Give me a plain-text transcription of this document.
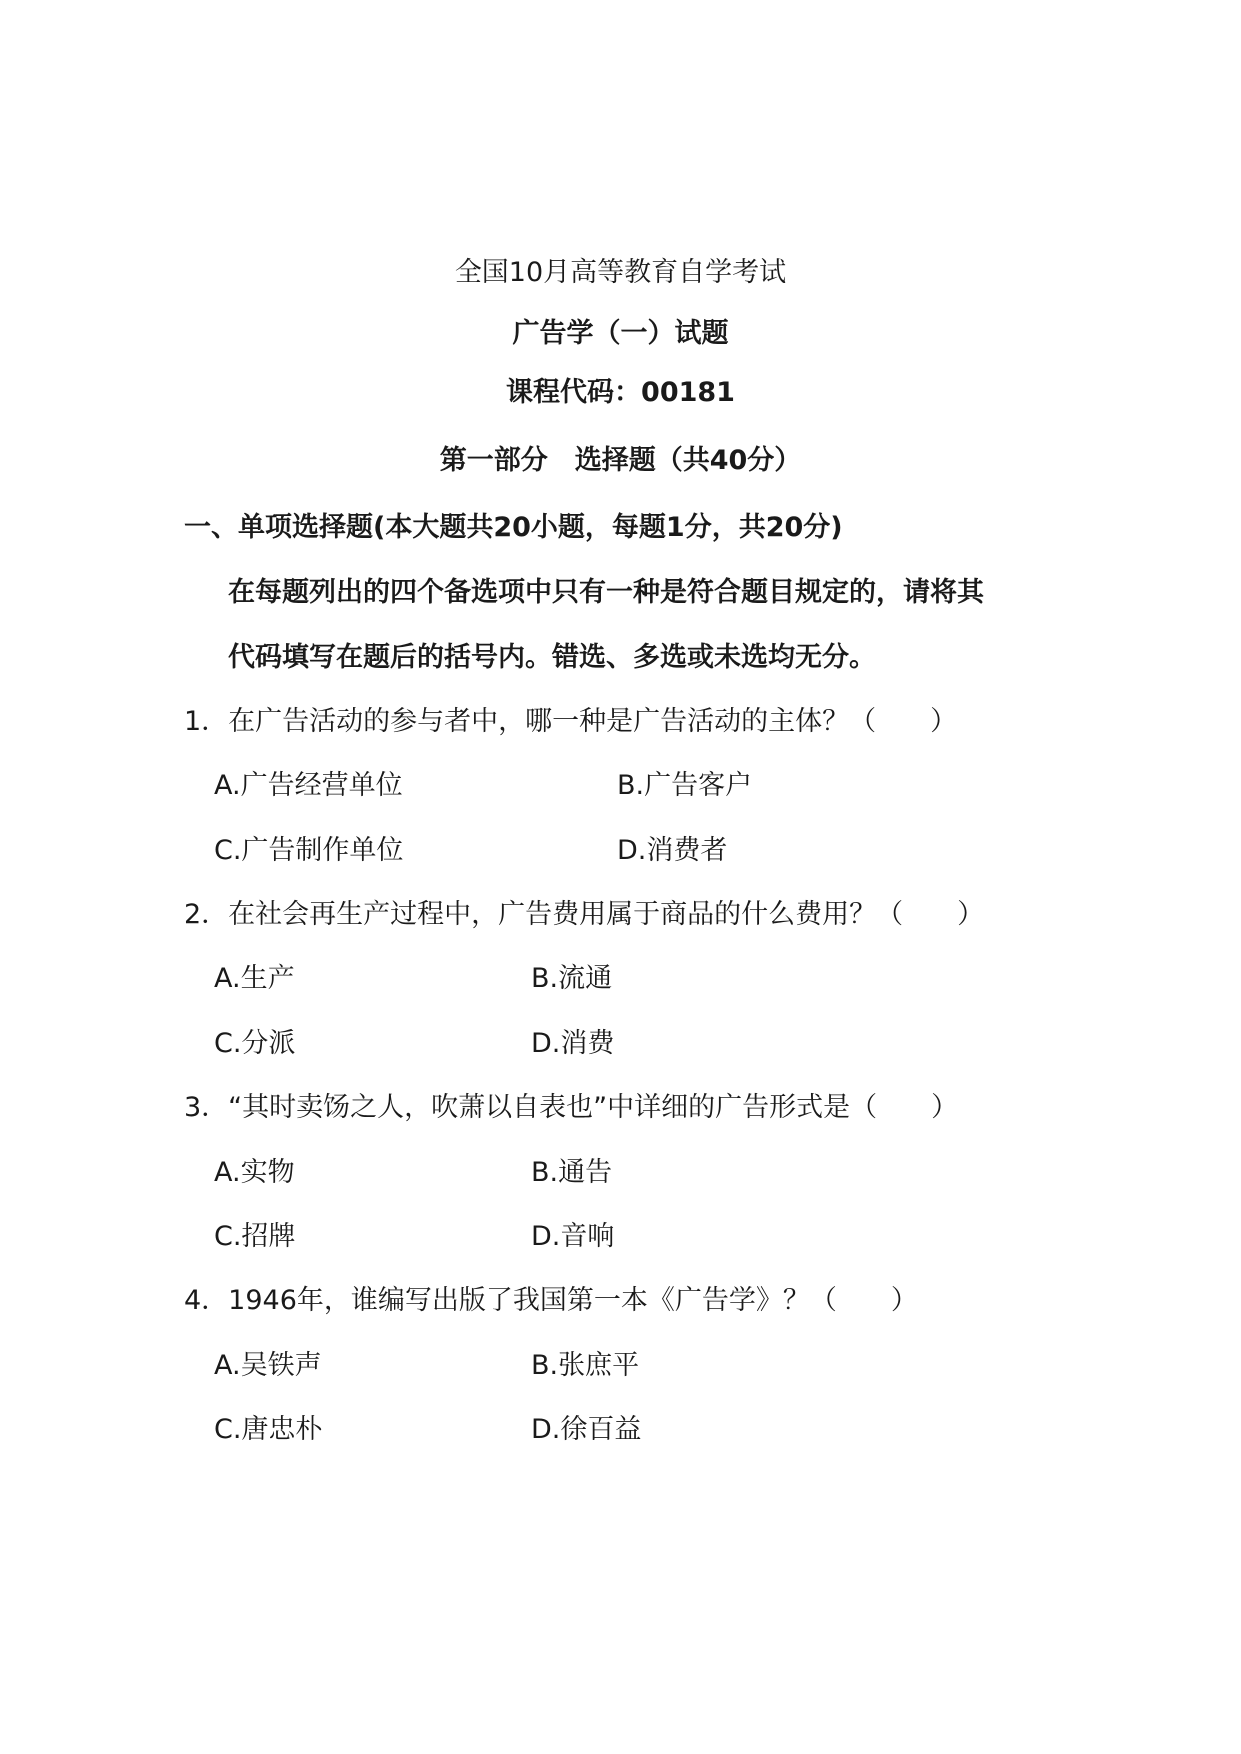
全国10月高等教育自学考试
广告学（一）试题
课程代码：00181
第一部分　选择题（共40分）
一、单项选择题(本大题共20小题，每题1分，共20分)
在每题列出的四个备选项中只有一种是符合题目规定的，请将其
代码填写在题后的括号内。错选、多选或未选均无分。
1．在广告活动的参与者中，哪一种是广告活动的主体？（　　）
A.广告经营单位	B.广告客户
C.广告制作单位	D.消费者
2．在社会再生产过程中，广告费用属于商品的什么费用？（　　）
A.生产	B.流通
C.分派	D.消费
3．“其时卖饧之人，吹萧以自表也”中详细的广告形式是（　　）
A.实物	B.通告
C.招牌	D.音响
4．1946年，谁编写出版了我国第一本《广告学》？（　　）
A.吴铁声	B.张庶平
C.唐忠朴	D.徐百益
